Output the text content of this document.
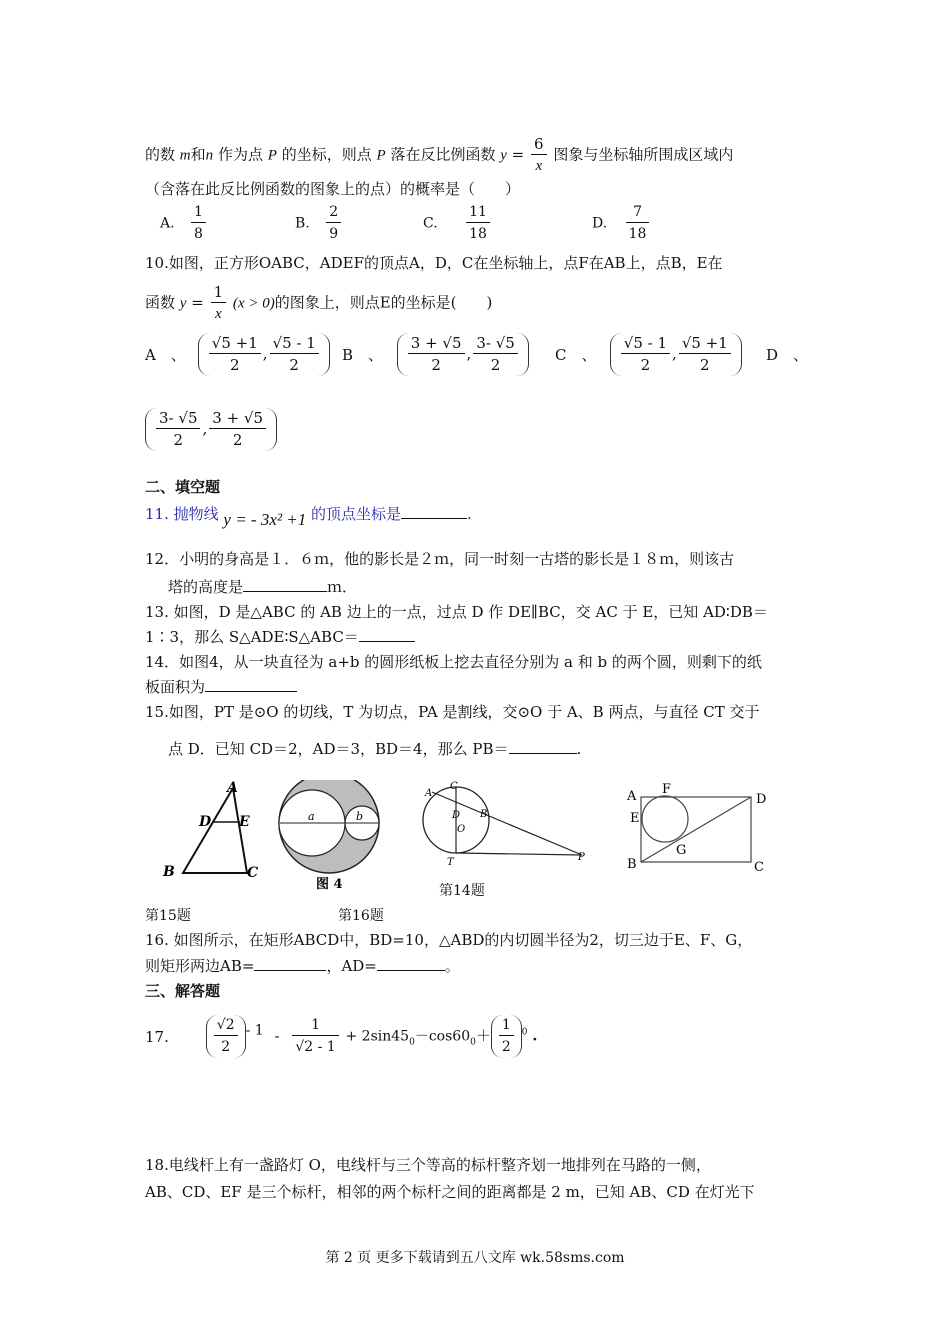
的数 m和n 作为点 P 的坐标，则点 P 落在反比例函数 $y = \frac{6}{x}$ 图象与坐标轴所围成区域内
（含落在此反比例函数的图象上的点）的概率是（　　）
A. $\frac{1}{8}$	B. $\frac{2}{9}$	C. $\frac{11}{18}$	D. $\frac{7}{18}$
10.如图，正方形OABC，ADEF的顶点A，D，C在坐标轴上，点F在AB上，点B，E在
函数 $y = \frac{1}{x} (x > 0)$的图象上，则点E的坐标是(　　)
A　、 $\frac{√5 +1}{2}$ , $\frac{√5 - 1}{2}$ B　、 $\frac{3 + √5}{2}$ , $\frac{3- √5}{2}$ C　、 $\frac{√5 - 1}{2}$ , $\frac{√5 +1}{2}$ D　、
$\frac{3- √5}{2}$ , $\frac{3 + √5}{2}$
二、填空题
11. 抛物线 y = - 3x² +1 的顶点坐标是	.
12．小明的身高是１．６ｍ，他的影长是２ｍ，同一时刻一古塔的影长是１８ｍ，则该古
塔的高度是	ｍ．
13. 如图，D 是△ABC 的 AB 边上的一点，过点 D 作 DE∥BC，交 AC 于 E，已知 AD∶DB＝
1∶3，那么 S△ADE∶S△ABC＝
14．如图4，从一块直径为 a+b 的圆形纸板上挖去直径分别为 a 和 b 的两个圆，则剩下的纸
板面积为
15.如图，PT 是⊙O 的切线，T 为切点，PA 是割线，交⊙O 于 A、B 两点，与直径 CT 交于
点 D．已知 CD＝2，AD＝3，BD＝4，那么 PB＝	.
A
D E
B	C
a	b
图 4
A
C
B
D
O
T	P
A F
D
E
G
B	C
第14题
第15题	第16题
16. 如图所示，在矩形ABCD中，BD=10，△ABD的内切圆半径为2，切三边于E、F、G，
则矩形两边AB=	，AD=	。
三、解答题
17.	$\frac{√2}{2} ^{- 1} - \frac{1}{√2 - 1} + 2\sin 45_0-\cos 60_0+ \frac{1}{2} ^0$ .
18.电线杆上有一盏路灯 O，电线杆与三个等高的标杆整齐划一地排列在马路的一侧，
AB、CD、EF 是三个标杆，相邻的两个标杆之间的距离都是 2 m，已知 AB、CD 在灯光下
第 2 页 更多下载请到五八文库 wk.58sms.com
